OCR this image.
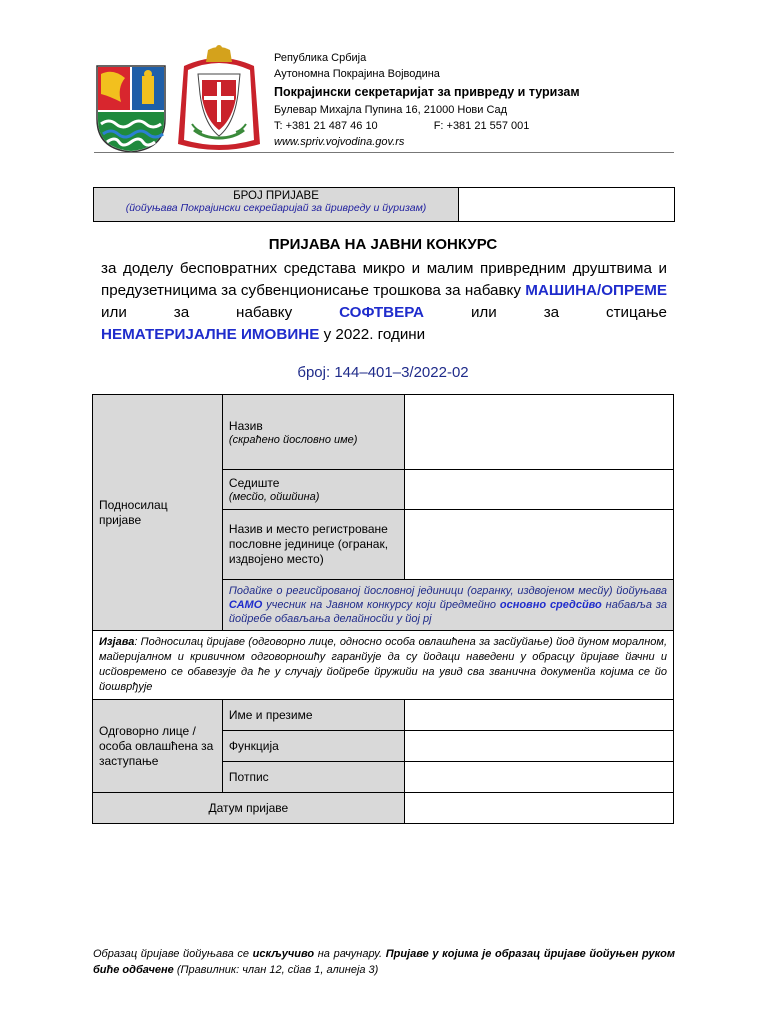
Република Србија
Аутономна Покрајина Војводина
Покрајински секретаријат за привреду и туризам
Булевар Михајла Пупина 16, 21000 Нови Сад
T: +381 21 487 46 10	F: +381 21 557 001
www.spriv.vojvodina.gov.rs
БРОЈ ПРИЈАВЕ
(йойуњава Покрајински секрейаријай за йривреду и йуризам)
ПРИЈАВА НА ЈАВНИ КОНКУРС
за доделу бесповратних средстава микро и малим привредним друштвима и предузетницима за субвенционисање трошкова за набавку МАШИНА/ОПРЕМЕ или за набавку	СОФТВЕРА	или за стицање
НЕМАТЕРИЈАЛНЕ ИМОВИНЕ у 2022. години
број: 144–401–3/2022-02
Подносилац пријаве	Назив
(скраћено йословно име)	

	Седиште
(месйо, ойшйина)	

	Назив и место регистроване пословне јединице (огранак, издвојено место)	

	Подайке о регисйрованој йословној јединици (огранку, издвојеном месйу) йойуњава САМО учесник на Јавном конкурсу који йредмейно основно средсйво набавља за йойребе обављања делайносйи у йој рј	

Изјава: Подносилац йријаве (одговорно лице, односно особа овлашћена за засйуйање) йод йуном моралном, майеријалном и кривичном одговорношћу гаранйује да су йодаци наведени у обрасцу йријаве йачни и исйовремено се обавезује да ће у случају йойребе йружийи на увид сва званична докуменйа којима се йо йошврђује		

Одговорно лице / особа овлашћена за заступање	Име и презиме	

	Функција	

	Потпис	

Датум пријаве		

Образац йријаве йойуњава се искључиво на рачунару. Пријаве у којима је образац йријаве йойуњен руком биће одбачене (Правилник: члан 12, сйав 1, алинеја 3)
